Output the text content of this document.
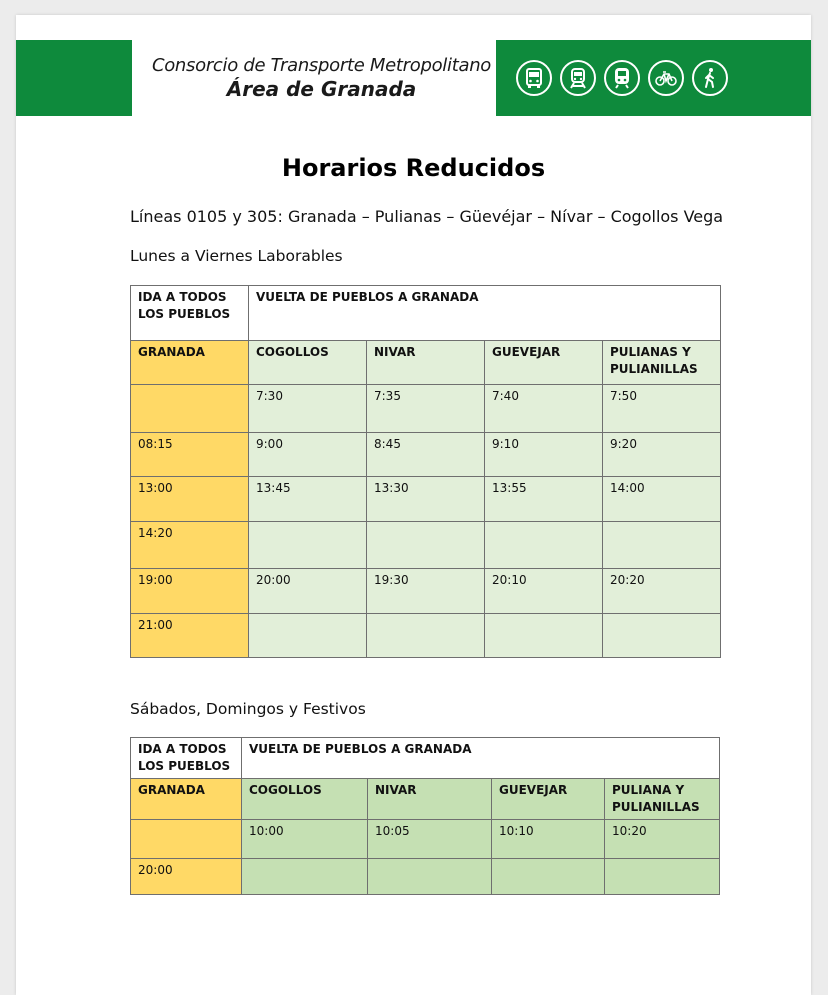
Consorcio de Transporte Metropolitano
Área de Granada
Horarios Reducidos
Líneas 0105 y 305: Granada – Pulianas – Güevéjar – Nívar – Cogollos Vega
Lunes a Viernes Laborables
IDA A TODOS LOS PUEBLOS	VUELTA DE PUEBLOS A GRANADA			
GRANADA	COGOLLOS	NIVAR	GUEVEJAR	PULIANAS Y PULIANILLAS
	7:30	7:35	7:40	7:50
08:15	9:00	8:45	9:10	9:20
13:00	13:45	13:30	13:55	14:00
14:20				
19:00	20:00	19:30	20:10	20:20
21:00				
Sábados, Domingos y Festivos
IDA A TODOS LOS PUEBLOS	VUELTA DE PUEBLOS A GRANADA			
GRANADA	COGOLLOS	NIVAR	GUEVEJAR	PULIANA Y PULIANILLAS
	10:00	10:05	10:10	10:20
20:00				
